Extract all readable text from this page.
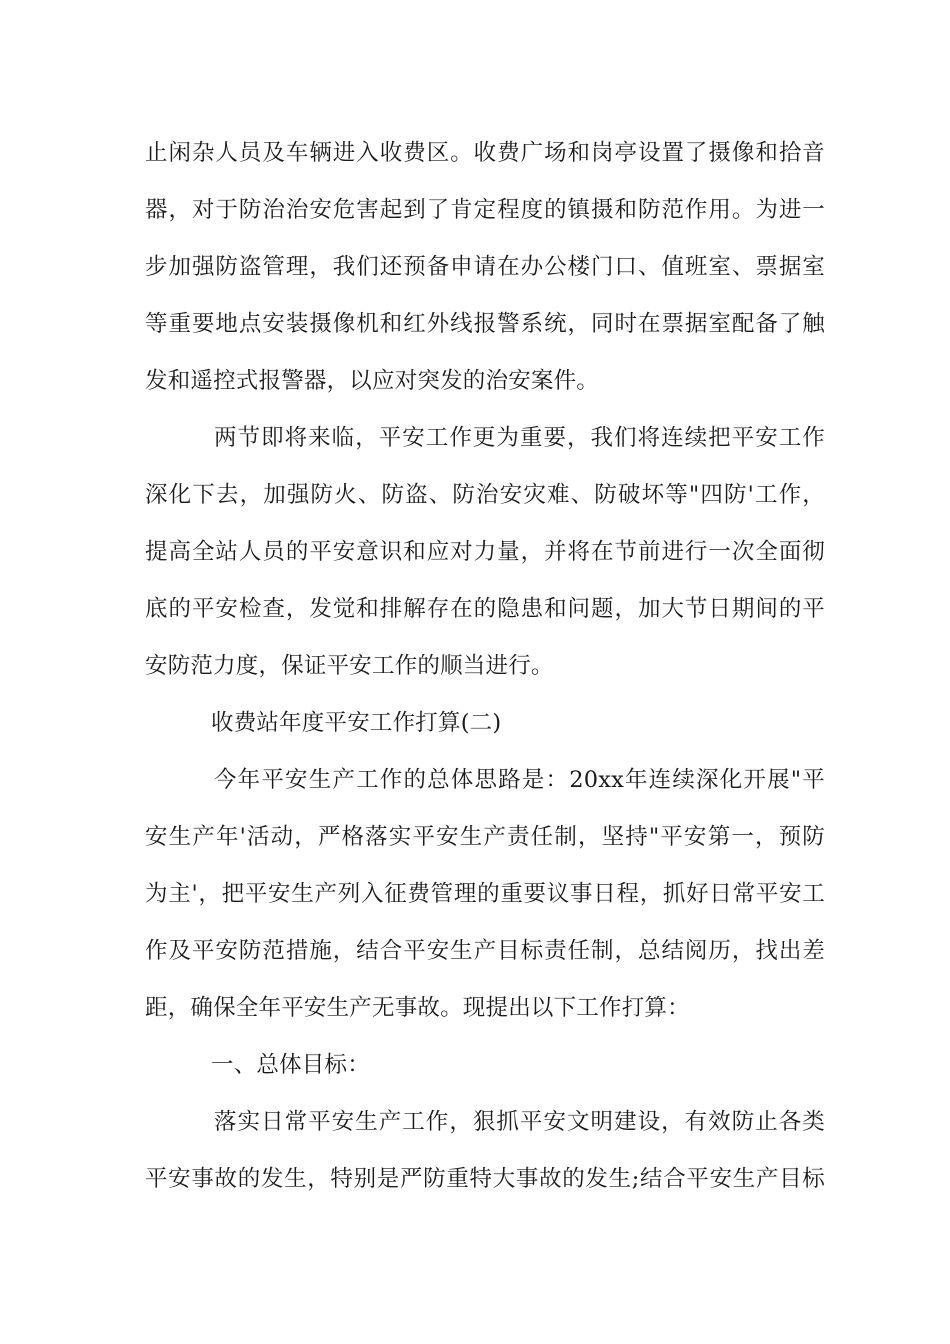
止闲杂人员及车辆进入收费区。收费广场和岗亭设置了摄像和拾音
器，对于防治治安危害起到了肯定程度的镇摄和防范作用。为进一
步加强防盗管理，我们还预备申请在办公楼门口、值班室、票据室
等重要地点安装摄像机和红外线报警系统，同时在票据室配备了触
发和遥控式报警器，以应对突发的治安案件。
两节即将来临，平安工作更为重要，我们将连续把平安工作
深化下去，加强防火、防盗、防治安灾难、防破坏等"四防'工作，
提高全站人员的平安意识和应对力量，并将在节前进行一次全面彻
底的平安检查，发觉和排解存在的隐患和问题，加大节日期间的平
安防范力度，保证平安工作的顺当进行。
收费站年度平安工作打算(二)
今年平安生产工作的总体思路是：20xx年连续深化开展"平
安生产年'活动，严格落实平安生产责任制，坚持"平安第一，预防
为主'，把平安生产列入征费管理的重要议事日程，抓好日常平安工
作及平安防范措施，结合平安生产目标责任制，总结阅历，找出差
距，确保全年平安生产无事故。现提出以下工作打算：
一、总体目标：
落实日常平安生产工作，狠抓平安文明建设，有效防止各类
平安事故的发生，特别是严防重特大事故的发生;结合平安生产目标
